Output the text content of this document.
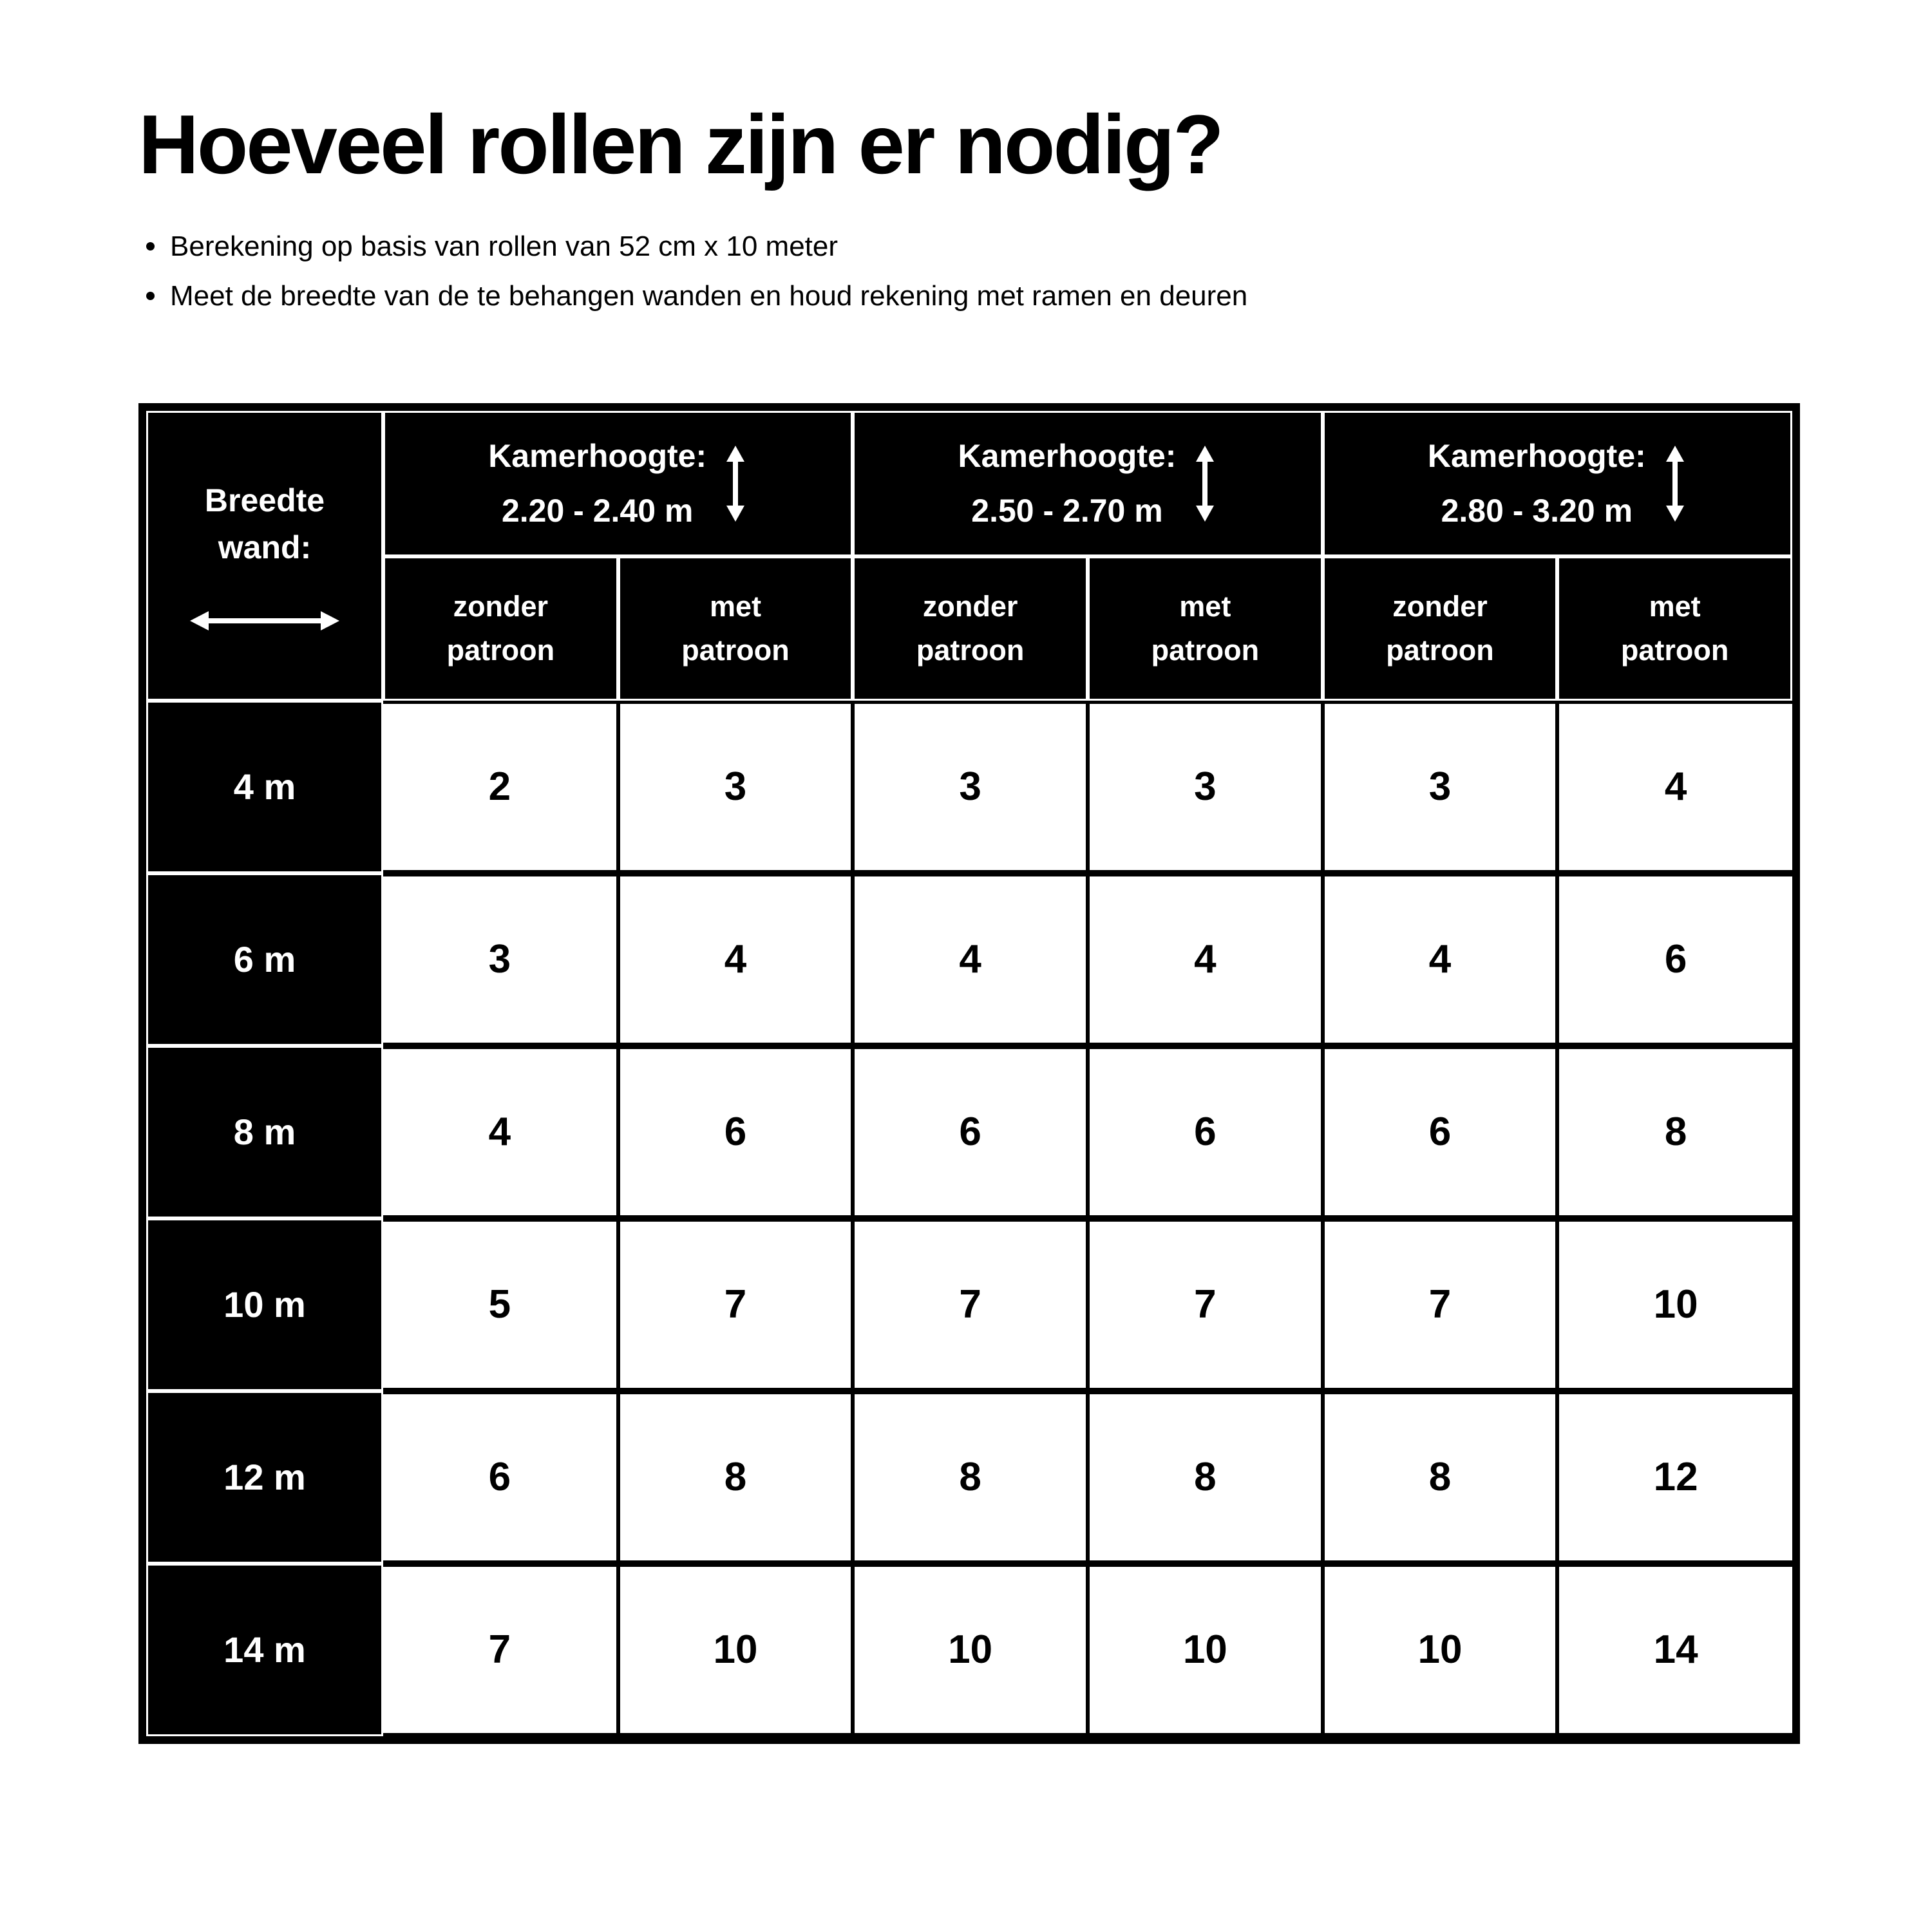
Hoeveel rollen zijn er nodig?
Berekening op basis van rollen van 52 cm x 10 meter
Meet de breedte van de te behangen wanden en houd rekening met ramen en deuren
Breedte
wand:
Kamerhoogte:
2.20 - 2.40 m
Kamerhoogte:
2.50 - 2.70 m
Kamerhoogte:
2.80 - 3.20 m
zonder
patroon
met
patroon
zonder
patroon
met
patroon
zonder
patroon
met
patroon
4 m	2	3	3	3	3	4
6 m	3	4	4	4	4	6
8 m	4	6	6	6	6	8
10 m	5	7	7	7	7	10
12 m	6	8	8	8	8	12
14 m	7	10	10	10	10	14
